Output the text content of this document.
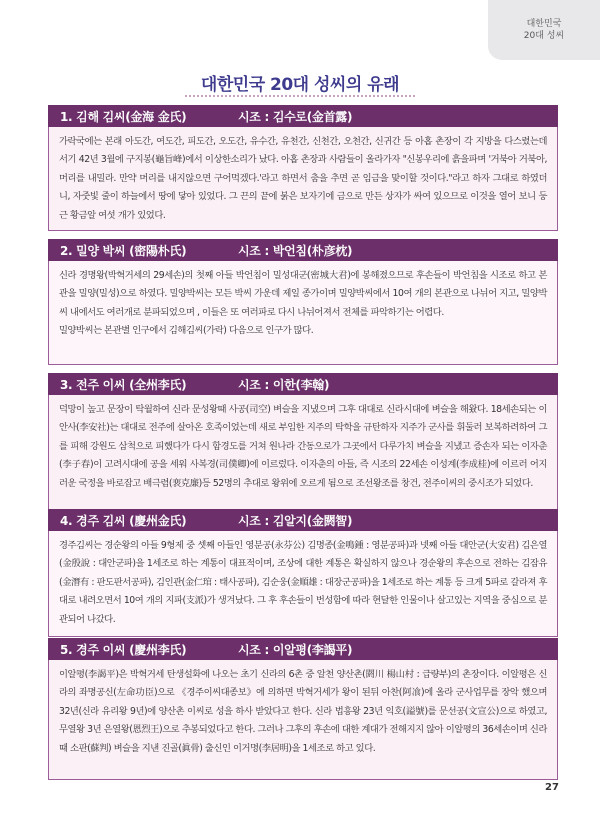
대한민국
20대 성씨
대한민국 20대 성씨의 유래
1. 김해 김씨(金海 金氏)	시조 : 김수로(金首露)

가락국에는 본래 아도간, 여도간, 피도간, 오도간, 유수간, 유천간, 신천간, 오천간, 신귀간 등 아홉 촌장이 각 지방을 다스렸는데 서기 42년 3월에 구지봉(龜旨峰)에서 이상한소리가 났다. 아홉 촌장과 사람들이 올라가자 "신봉우리에 흙을파며 '거북아 거북아, 머리를 내밀라. 만약 머리를 내지않으면 구어먹겠다.'라고 하면서 춤을 추면 곧 임금을 맞이할 것이다."라고 하자 그대로 하였더니, 자줏빛 줄이 하늘에서 땅에 닿아 있었다. 그 끈의 끝에 붉은 보자기에 금으로 만든 상자가 싸여 있으므로 이것을 열어 보니 둥근 황금알 여섯 개가 있었다.

2. 밀양 박씨 (密陽朴氏)	시조 : 박언침(朴彦枕)

신라 경명왕(박혁거세의 29세손)의 첫째 아들 박언침이 밀성대군(密城大君)에 봉해졌으므로 후손들이 박언침을 시조로 하고 본관을 밀양(밀성)으로 하였다. 밀양박씨는 모든 박씨 가운데 제일 종가이며 밀양박씨에서 10여 개의 본관으로 나뉘어 지고, 밀양박씨 내에서도 여러개로 분파되었으며 , 이들은 또 여러파로 다시 나뉘어져서 전체를 파악하기는 어렵다.

밀양박씨는 본관별 인구에서 김해김씨(가락) 다음으로 인구가 많다.

3. 전주 이씨 (全州李氏)	시조 : 이한(李翰)

덕망이 높고 문장이 탁월하여 신라 문성왕때 사공(司空) 벼슬을 지냈으며 그후 대대로 신라시대에 벼슬을 해왔다. 18세손되는 이안사(李安社)는 대대로 전주에 살아온 호족이었는데 새로 부임한 지주의 탁학을 규탄하자 지주가 군사를 휘둘러 보복하려하여 그를 피해 강원도 삼척으로 피했다가 다시 함경도를 거쳐 원나라 간동으로가 그곳에서 다루가치 벼슬을 지냈고 증손자 되는 이자춘(李子春)이 고려시대에 공을 세워 사복경(司僕卿)에 이르렀다. 이자춘의 아들, 즉 시조의 22세손 이성계(李成桂)에 이르러 어지러운 국정을 바로잡고 배극렴(裵克廉)등 52명의 추대로 왕위에 오르게 됨으로 조선왕조를 창건, 전주이씨의 중시조가 되었다.

4. 경주 김씨 (慶州金氏)	시조 : 김알지(金閼智)

경주김씨는 경순왕의 아들 9형제 중 셋째 아들인 영분공(永芬公) 김명종(金鳴鍾 : 영분공파)과 넷째 아들 대안군(大安君) 김은열(金殷說 : 대안군파)을 1세조로 하는 계통이 대표적이며, 조상에 대한 계통은 확실하지 않으나 경순왕의 후손으로 전하는 김잠유(金潛有 : 판도판서공파), 김인관(金仁琯 : 태사공파), 김순웅(金順雄 : 대장군공파)을 1세조로 하는 계통 등 크게 5파로 갈라져 후대로 내려오면서 10여 개의 지파(支派)가 생겨났다. 그 후 후손들이 번성함에 따라 현달한 인물이나 살고있는 지역을 중심으로 분관되어 나갔다.

5. 경주 이씨 (慶州李氏)	시조 : 이알평(李謁平)

이알평(李謁平)은 박혁거세 탄생설화에 나오는 초기 신라의 6촌 중 알천 양산촌(閼川 楊山村 : 급량부)의 촌장이다. 이알평은 신라의 좌명공신(左命功臣)으로 《경주이씨대종보》에 의하면 박혁거세가 왕이 된뒤 아찬(阿飡)에 올라 군사업무를 장악 했으며 32년(신라 유리왕 9년)에 양산촌 이씨로 성을 하사 받았다고 한다. 신라 법흥왕 23년 익호(謚號)를 문선공(文宣公)으로 하였고, 무열왕 3년 은열왕(恩烈王)으로 추봉되었다고 한다. 그러나 그후의 후손에 대한 계대가 전해지지 않아 이알평의 36세손이며 신라 때 소판(蘇判) 벼슬을 지낸 진골(眞骨) 출신인 이거명(李居明)을 1세조로 하고 있다.

27
